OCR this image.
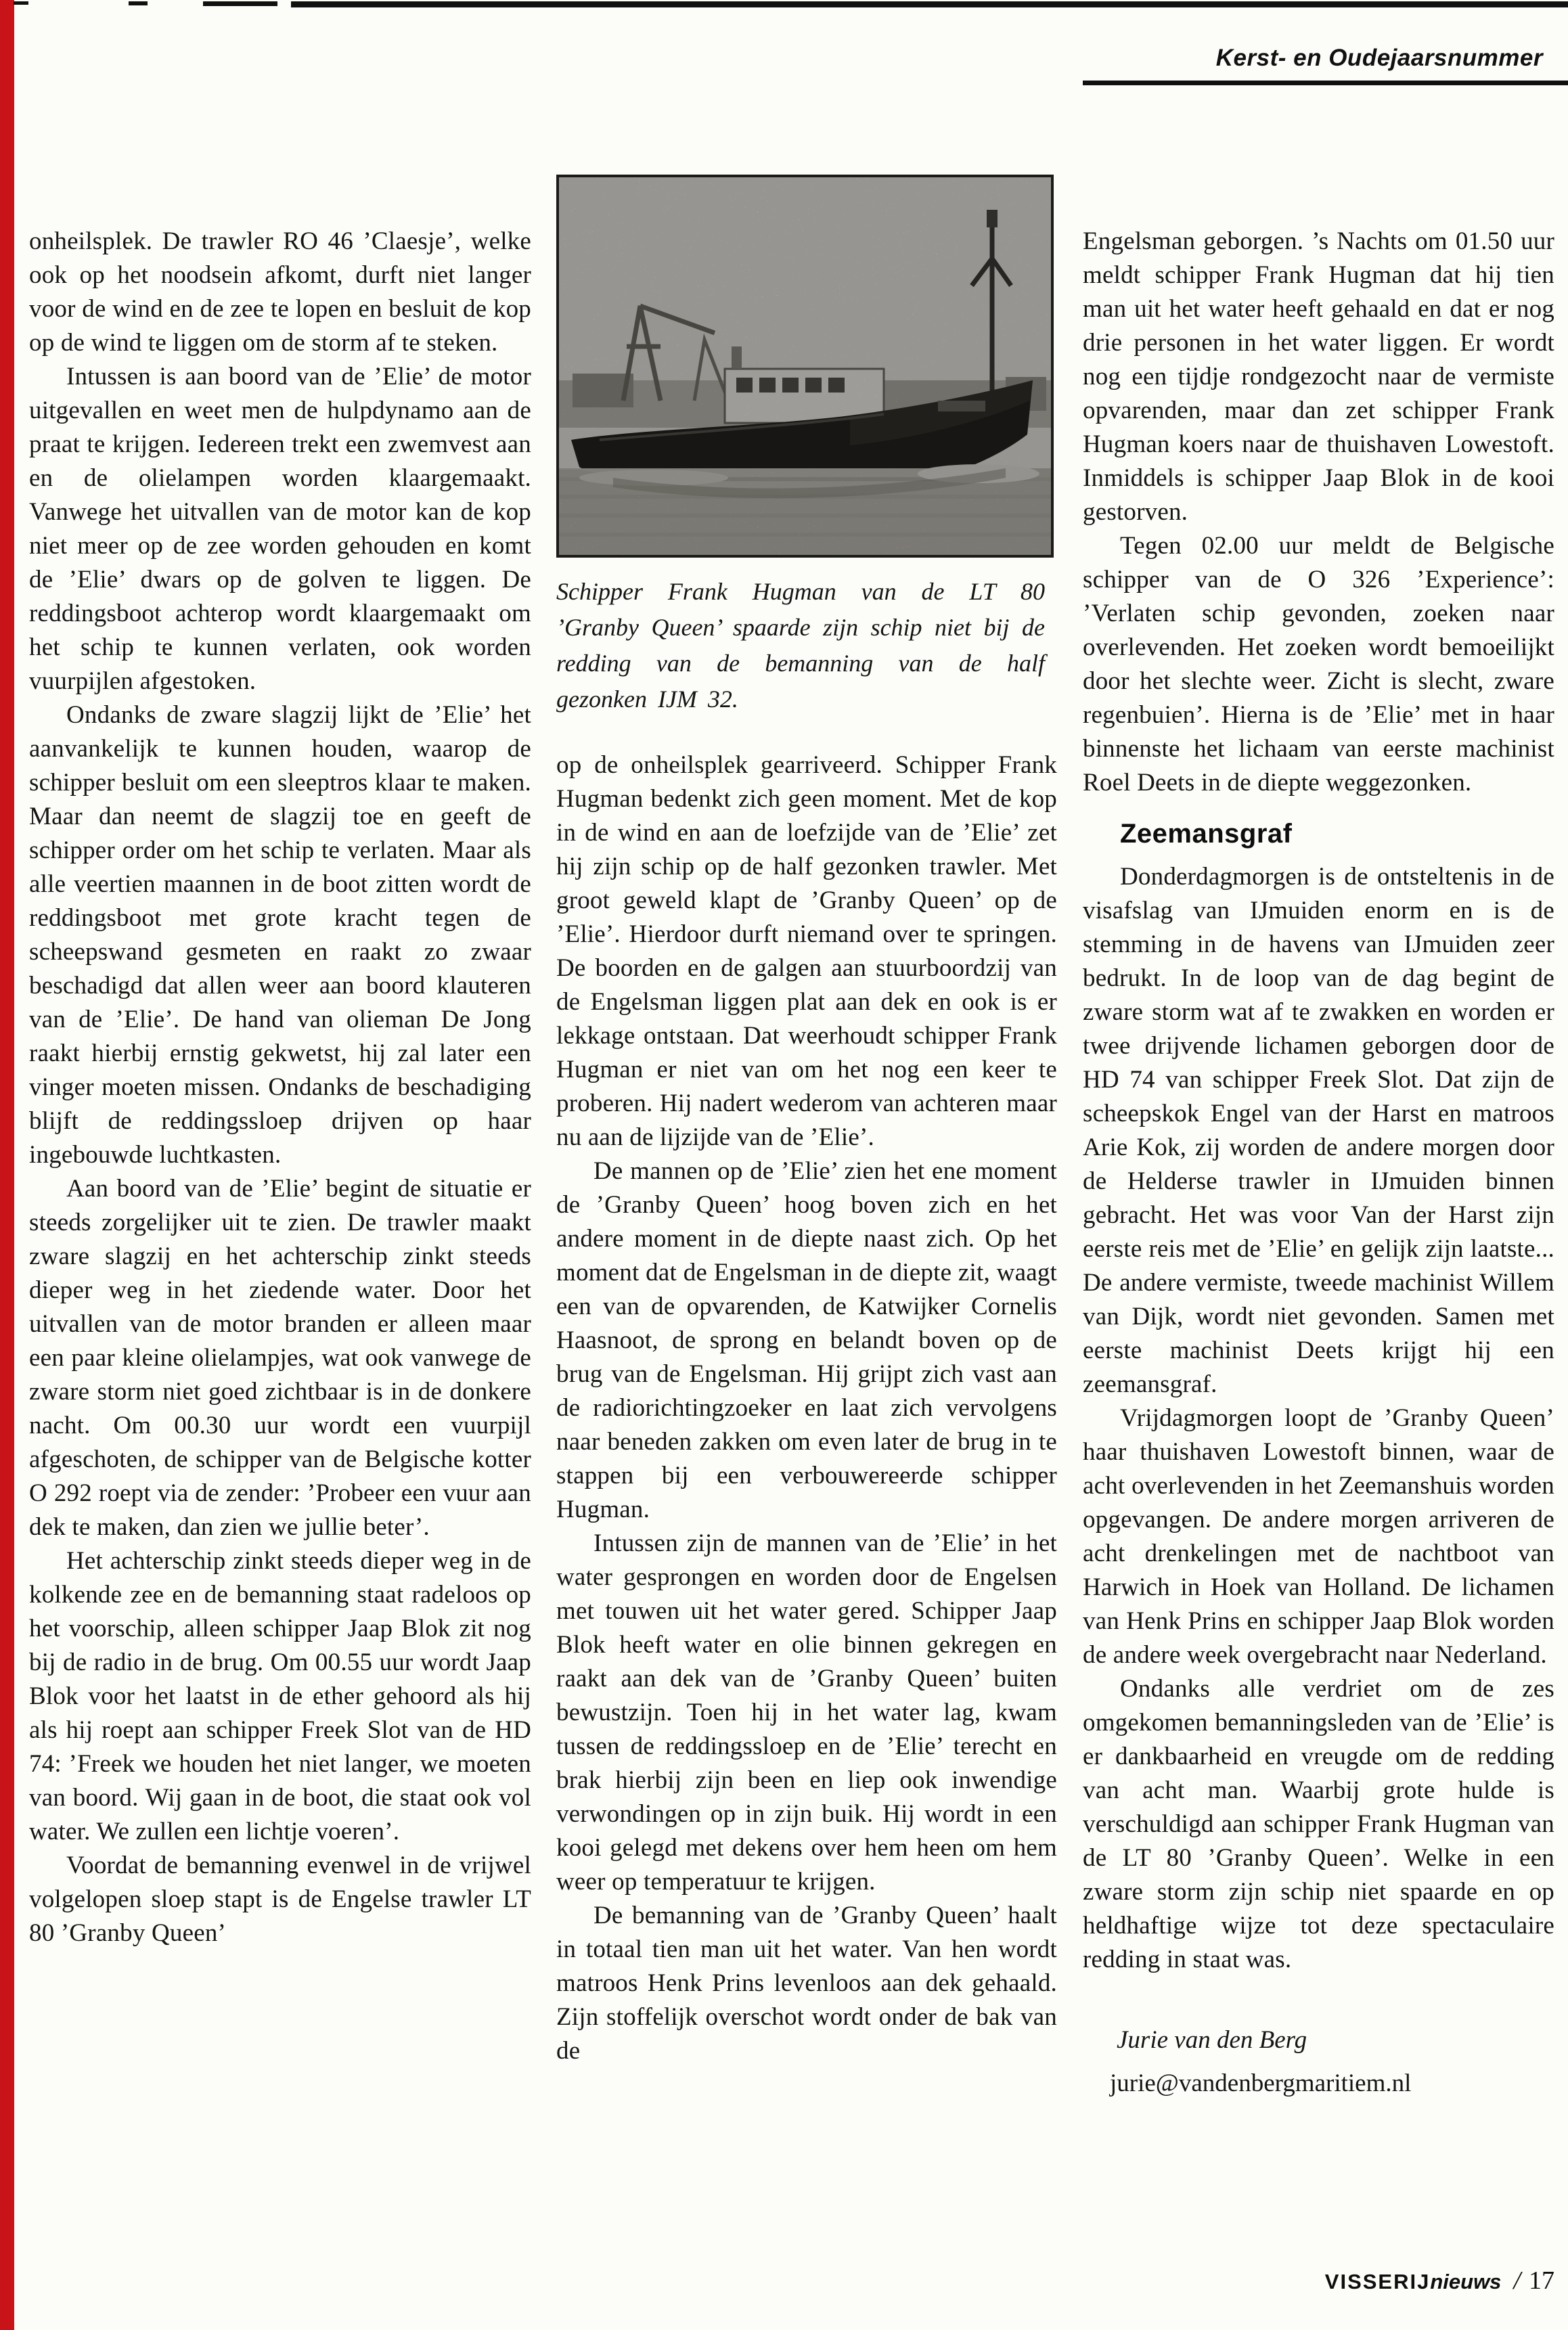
Kerst- en Oudejaarsnummer

onheilsplek. De trawler RO 46 ’Claesje’, welke ook op het noodsein afkomt, durft niet langer voor de wind en de zee te lopen en besluit de kop op de wind te liggen om de storm af te steken.

Intussen is aan boord van de ’Elie’ de motor uitgevallen en weet men de hulpdynamo aan de praat te krijgen. Iedereen trekt een zwemvest aan en de olielampen worden klaargemaakt. Vanwege het uitvallen van de motor kan de kop niet meer op de zee worden gehouden en komt de ’Elie’ dwars op de golven te liggen. De reddingsboot achterop wordt klaargemaakt om het schip te kunnen verlaten, ook worden vuurpijlen afgestoken.

Ondanks de zware slagzij lijkt de ’Elie’ het aanvankelijk te kunnen houden, waarop de schipper besluit om een sleeptros klaar te maken. Maar dan neemt de slagzij toe en geeft de schipper order om het schip te verlaten. Maar als alle veertien maannen in de boot zitten wordt de reddingsboot met grote kracht tegen de scheepswand gesmeten en raakt zo zwaar beschadigd dat allen weer aan boord klauteren van de ’Elie’. De hand van olieman De Jong raakt hierbij ernstig gekwetst, hij zal later een vinger moeten missen. Ondanks de beschadiging blijft de reddingssloep drijven op haar ingebouwde luchtkasten.

Aan boord van de ’Elie’ begint de situatie er steeds zorgelijker uit te zien. De trawler maakt zware slagzij en het achterschip zinkt steeds dieper weg in het ziedende water. Door het uitvallen van de motor branden er alleen maar een paar kleine olielampjes, wat ook vanwege de zware storm niet goed zichtbaar is in de donkere nacht. Om 00.30 uur wordt een vuurpijl afgeschoten, de schipper van de Belgische kotter O 292 roept via de zender: ’Probeer een vuur aan dek te maken, dan zien we jullie beter’.

Het achterschip zinkt steeds dieper weg in de kolkende zee en de bemanning staat radeloos op het voorschip, alleen schipper Jaap Blok zit nog bij de radio in de brug. Om 00.55 uur wordt Jaap Blok voor het laatst in de ether gehoord als hij als hij roept aan schipper Freek Slot van de HD 74: ’Freek we houden het niet langer, we moeten van boord. Wij gaan in de boot, die staat ook vol water. We zullen een lichtje voeren’.

Voordat de bemanning evenwel in de vrijwel volgelopen sloep stapt is de Engelse trawler LT 80 ’Granby Queen’

Schipper Frank Hugman van de LT 80 ’Granby Queen’ spaarde zijn schip niet bij de redding van de bemanning van de half gezonken IJM 32.

op de onheilsplek gearriveerd. Schipper Frank Hugman bedenkt zich geen moment. Met de kop in de wind en aan de loefzijde van de ’Elie’ zet hij zijn schip op de half gezonken trawler. Met groot geweld klapt de ’Granby Queen’ op de ’Elie’. Hierdoor durft niemand over te springen. De boorden en de galgen aan stuurboordzij van de Engelsman liggen plat aan dek en ook is er lekkage ontstaan. Dat weerhoudt schipper Frank Hugman er niet van om het nog een keer te proberen. Hij nadert wederom van achteren maar nu aan de lijzijde van de ’Elie’.

De mannen op de ’Elie’ zien het ene moment de ’Granby Queen’ hoog boven zich en het andere moment in de diepte naast zich. Op het moment dat de Engelsman in de diepte zit, waagt een van de opvarenden, de Katwijker Cornelis Haasnoot, de sprong en belandt boven op de brug van de Engelsman. Hij grijpt zich vast aan de radiorichtingzoeker en laat zich vervolgens naar beneden zakken om even later de brug in te stappen bij een verbouwereerde schipper Hugman.

Intussen zijn de mannen van de ’Elie’ in het water gesprongen en worden door de Engelsen met touwen uit het water gered. Schipper Jaap Blok heeft water en olie binnen gekregen en raakt aan dek van de ’Granby Queen’ buiten bewustzijn. Toen hij in het water lag, kwam tussen de reddingssloep en de ’Elie’ terecht en brak hierbij zijn been en liep ook inwendige verwondingen op in zijn buik. Hij wordt in een kooi gelegd met dekens over hem heen om hem weer op temperatuur te krijgen.

De bemanning van de ’Granby Queen’ haalt in totaal tien man uit het water. Van hen wordt matroos Henk Prins levenloos aan dek gehaald. Zijn stoffelijk overschot wordt onder de bak van de

Engelsman geborgen. ’s Nachts om 01.50 uur meldt schipper Frank Hugman dat hij tien man uit het water heeft gehaald en dat er nog drie personen in het water liggen. Er wordt nog een tijdje rondgezocht naar de vermiste opvarenden, maar dan zet schipper Frank Hugman koers naar de thuishaven Lowestoft. Inmiddels is schipper Jaap Blok in de kooi gestorven.

Tegen 02.00 uur meldt de Belgische schipper van de O 326 ’Experience’: ’Verlaten schip gevonden, zoeken naar overlevenden. Het zoeken wordt bemoeilijkt door het slechte weer. Zicht is slecht, zware regenbuien’. Hierna is de ’Elie’ met in haar binnenste het lichaam van eerste machinist Roel Deets in de diepte weggezonken.

Zeemansgraf

Donderdagmorgen is de ontsteltenis in de visafslag van IJmuiden enorm en is de stemming in de havens van IJmuiden zeer bedrukt. In de loop van de dag begint de zware storm wat af te zwakken en worden er twee drijvende lichamen geborgen door de HD 74 van schipper Freek Slot. Dat zijn de scheepskok Engel van der Harst en matroos Arie Kok, zij worden de andere morgen door de Helderse trawler in IJmuiden binnen gebracht. Het was voor Van der Harst zijn eerste reis met de ’Elie’ en gelijk zijn laatste... De andere vermiste, tweede machinist Willem van Dijk, wordt niet gevonden. Samen met eerste machinist Deets krijgt hij een zeemansgraf.

Vrijdagmorgen loopt de ’Granby Queen’ haar thuishaven Lowestoft binnen, waar de acht overlevenden in het Zeemanshuis worden opgevangen. De andere morgen arriveren de acht drenkelingen met de nachtboot van Harwich in Hoek van Holland. De lichamen van Henk Prins en schipper Jaap Blok worden de andere week overgebracht naar Nederland.

Ondanks alle verdriet om de zes omgekomen bemanningsleden van de ’Elie’ is er dankbaarheid en vreugde om de redding van acht man. Waarbij grote hulde is verschuldigd aan schipper Frank Hugman van de LT 80 ’Granby Queen’. Welke in een zware storm zijn schip niet spaarde en op heldhaftige wijze tot deze spectaculaire redding in staat was.

Jurie van den Berg
jurie@vandenbergmaritiem.nl
VISSERIJnieuws / 17
